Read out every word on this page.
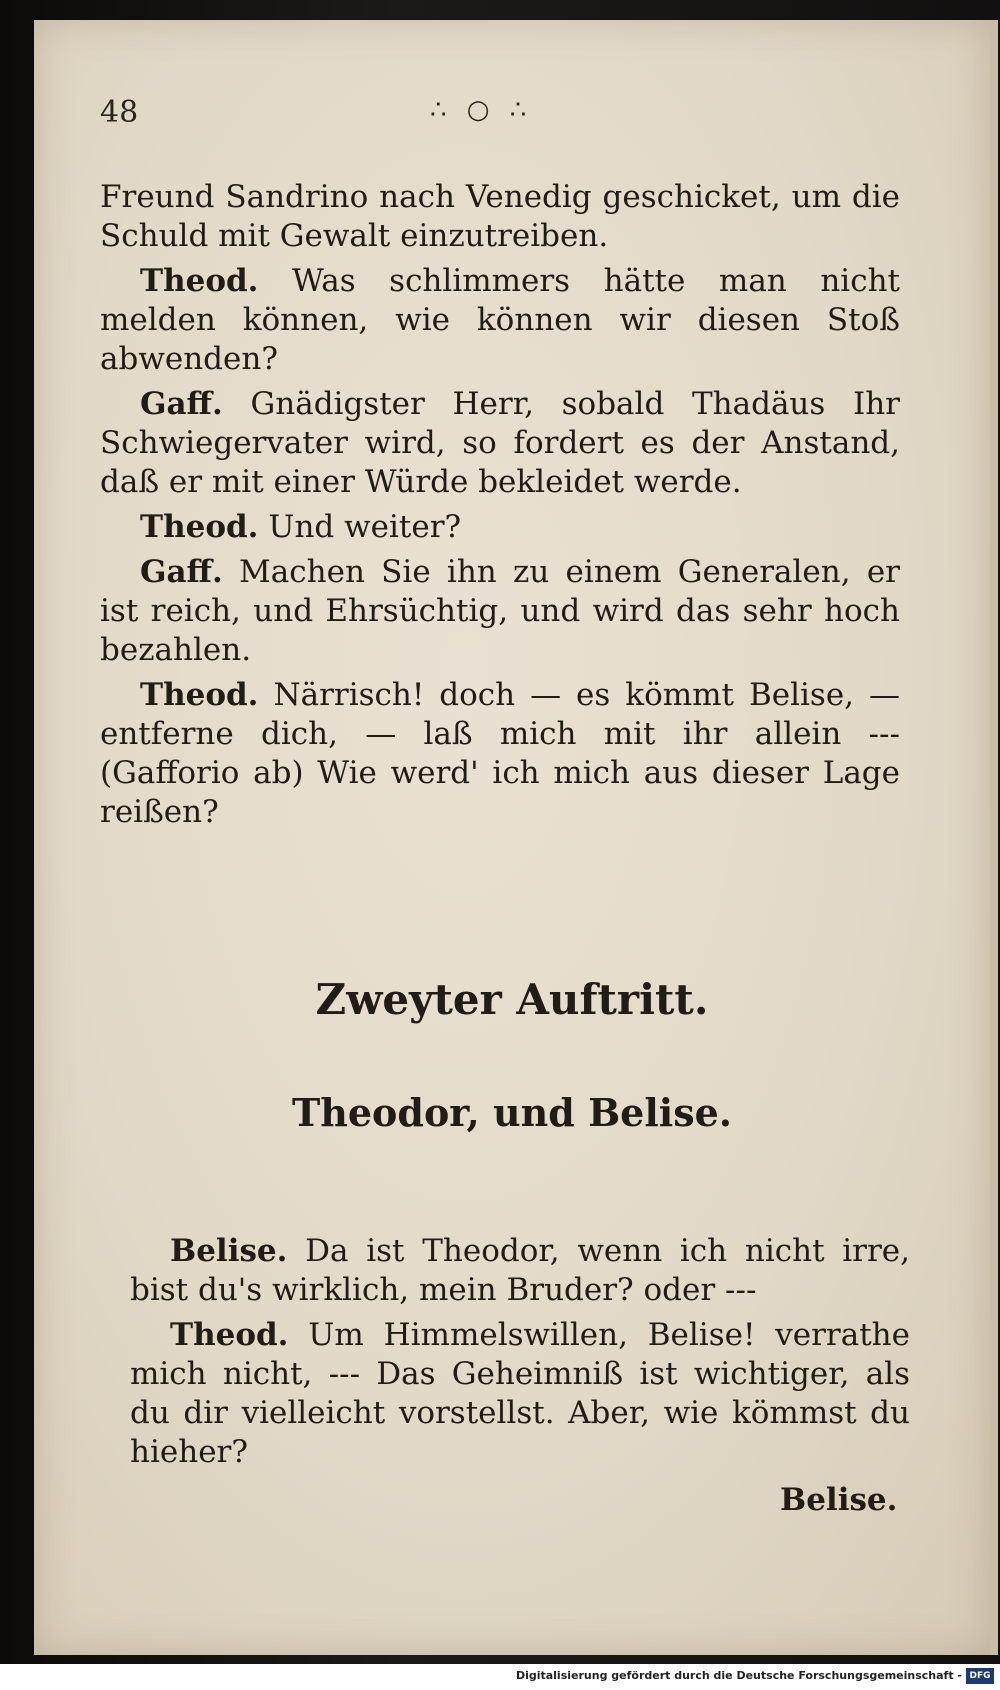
48	∴ ○ ∴

Freund Sandrino nach Venedig geschicket, um die Schuld mit Gewalt einzutreiben.

Theod. Was schlimmers hätte man nicht melden können, wie können wir diesen Stoß abwenden?

Gaff. Gnädigster Herr, sobald Thadäus Ihr Schwiegervater wird, so fordert es der Anstand, daß er mit einer Würde bekleidet werde.

Theod. Und weiter?

Gaff. Machen Sie ihn zu einem Generalen, er ist reich, und Ehrsüchtig, und wird das sehr hoch bezahlen.

Theod. Närrisch! doch — es kömmt Belise, — entferne dich, — laß mich mit ihr allein --- (Gafforio ab) Wie werd' ich mich aus dieser Lage reißen?

Zweyter Auftritt.
Theodor, und Belise.

Belise. Da ist Theodor, wenn ich nicht irre, bist du's wirklich, mein Bruder? oder ---

Theod. Um Himmelswillen, Belise! verrathe mich nicht, --- Das Geheimniß ist wichtiger, als du dir vielleicht vorstellst. Aber, wie kömmst du hieher?

Belise.
Digitalisierung gefördert durch die Deutsche Forschungsgemeinschaft - DFG
